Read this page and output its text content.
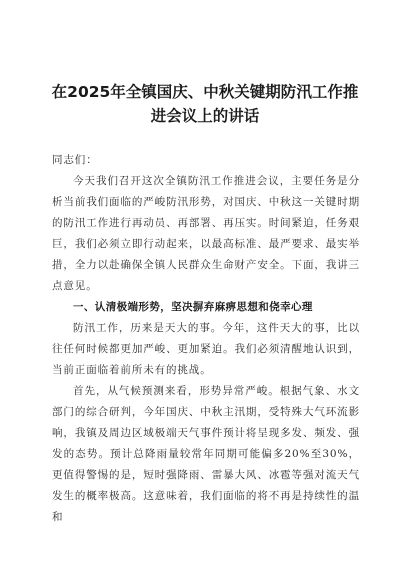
在2025年全镇国庆、中秋关键期防汛工作推
进会议上的讲话

同志们：

今天我们召开这次全镇防汛工作推进会议，主要任务是分析当前我们面临的严峻防汛形势，对国庆、中秋这一关键时期的防汛工作进行再动员、再部署、再压实。时间紧迫，任务艰巨，我们必须立即行动起来，以最高标准、最严要求、最实举措，全力以赴确保全镇人民群众生命财产安全。下面，我讲三点意见。

一、认清极端形势，坚决摒弃麻痹思想和侥幸心理

防汛工作，历来是天大的事。今年，这件天大的事，比以往任何时候都更加严峻、更加紧迫。我们必须清醒地认识到，当前正面临着前所未有的挑战。

首先，从气候预测来看，形势异常严峻。根据气象、水文部门的综合研判，今年国庆、中秋主汛期，受特殊大气环流影响，我镇及周边区域极端天气事件预计将呈现多发、频发、强发的态势。预计总降雨量较常年同期可能偏多20%至30%，更值得警惕的是，短时强降雨、雷暴大风、冰雹等强对流天气发生的概率极高。这意味着，我们面临的将不再是持续性的温和
